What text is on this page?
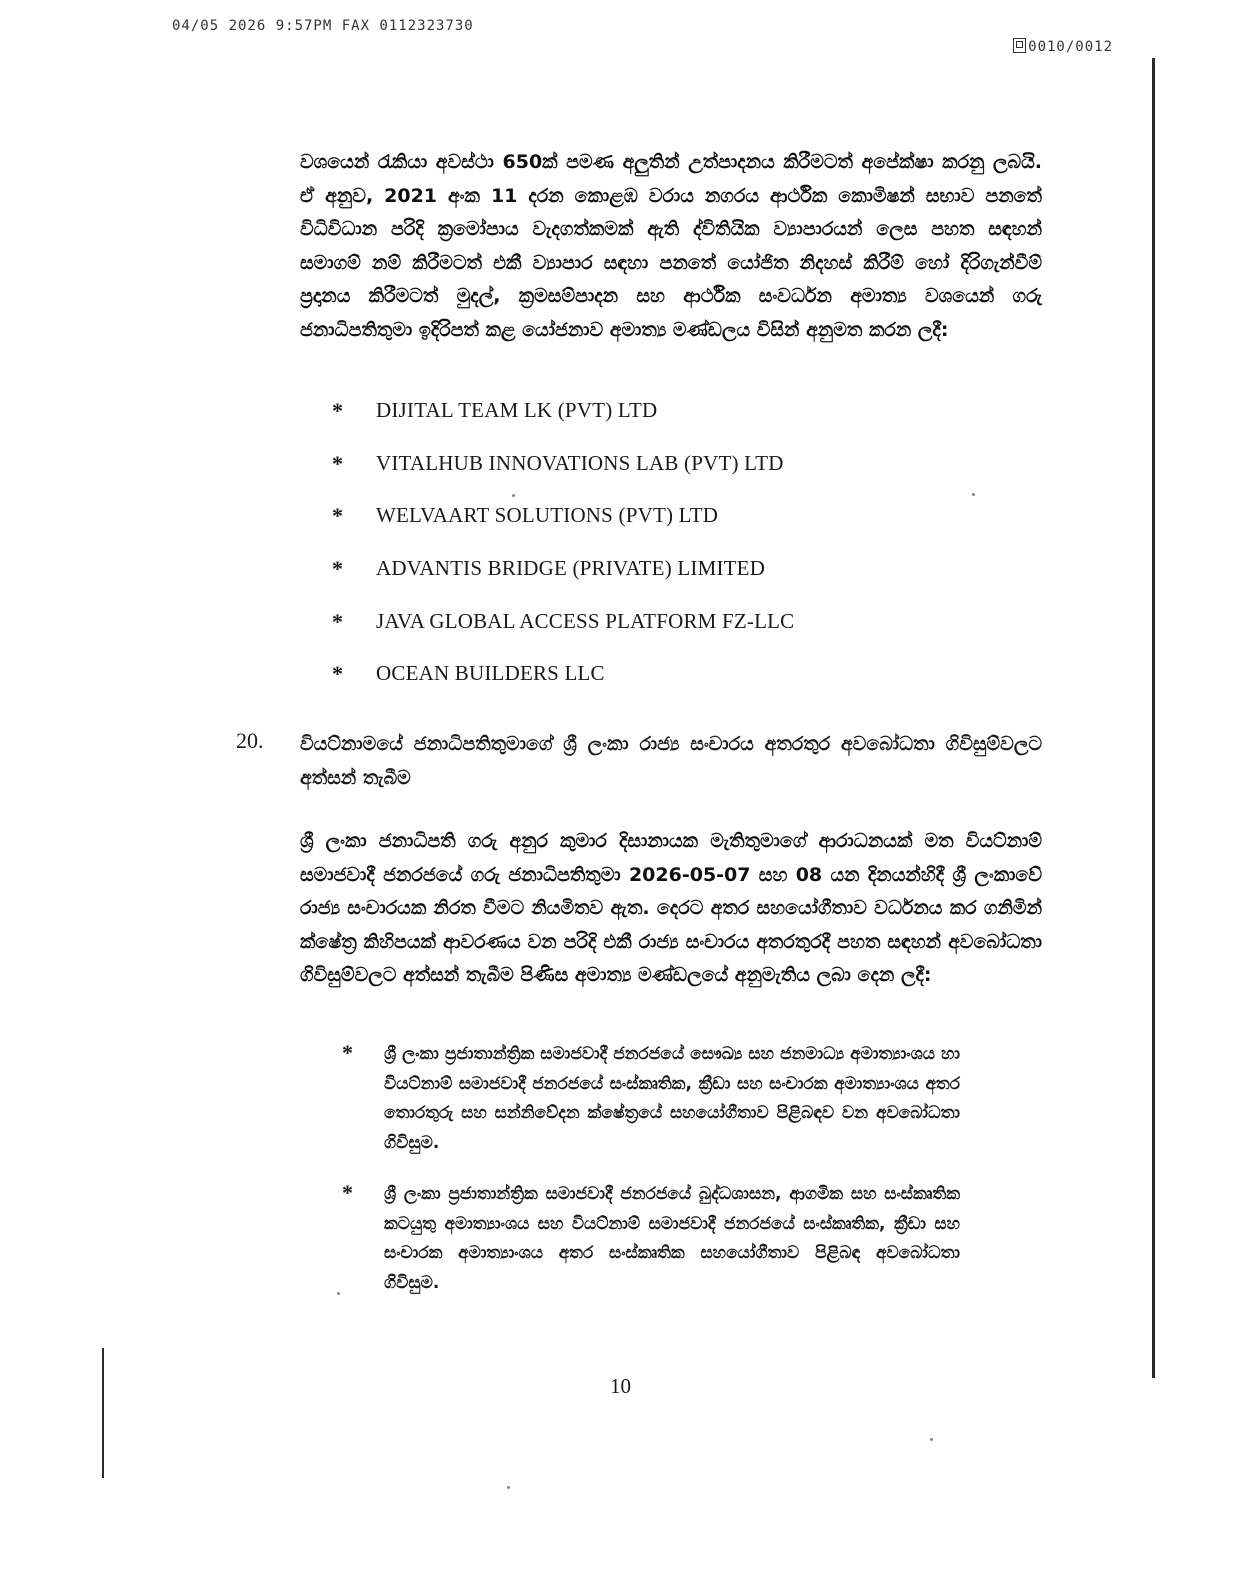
04/05 2026 9:57PM FAX 0112323730
0010/0012
වශයෙන් රැකියා අවස්ථා 650ක් පමණ අලුතින් උත්පාදනය කිරීමටත් අපේක්ෂා කරනු ලබයි. ඒ අනුව, 2021 අංක 11 දරන කොළඹ වරාය නගරය ආර්ථික කොමිෂන් සභාව පනතේ විධිවිධාන පරිදි ක්‍රමෝපාය වැදගත්කමක් ඇති ද්විතියික ව්‍යාපාරයන් ලෙස පහත සඳහන් සමාගම් නම් කිරීමටත් එකී ව්‍යාපාර සඳහා පනතේ යෝජිත නිදහස් කිරීම් හෝ දිරිගැන්වීම් ප්‍රදානය කිරීමටත් මුදල්, ක්‍රමසම්පාදන සහ ආර්ථික සංවර්ධන අමාත්‍ය වශයෙන් ගරු ජනාධිපතිතුමා ඉදිරිපත් කළ යෝජනාව අමාත්‍ය මණ්ඩලය විසින් අනුමත කරන ලදී:
*	DIJITAL TEAM LK (PVT) LTD
*	VITALHUB INNOVATIONS LAB (PVT) LTD
*	WELVAART SOLUTIONS (PVT) LTD
*	ADVANTIS BRIDGE (PRIVATE) LIMITED
*	JAVA GLOBAL ACCESS PLATFORM FZ-LLC
*	OCEAN BUILDERS LLC
20. වියට්නාමයේ ජනාධිපතිතුමාගේ ශ්‍රී ලංකා රාජ්‍ය සංචාරය අතරතුර අවබෝධතා ගිවිසුම්වලට අත්සන් තැබීම
ශ්‍රී ලංකා ජනාධිපති ගරු අනුර කුමාර දිසානායක මැතිතුමාගේ ආරාධනයක් මත වියට්නාම් සමාජවාදී ජනරජයේ ගරු ජනාධිපතිතුමා 2026-05-07 සහ 08 යන දිනයන්හිදී ශ්‍රී ලංකාවේ රාජ්‍ය සංචාරයක නිරත වීමට නියමිතව ඇත. දෙරට අතර සහයෝගීතාව වර්ධනය කර ගනිමින් ක්ෂේත්‍ර කිහිපයක් ආවරණය වන පරිදි එකී රාජ්‍ය සංචාරය අතරතුරදී පහත සඳහන් අවබෝධතා ගිවිසුම්වලට අත්සන් තැබීම පිණිස අමාත්‍ය මණ්ඩලයේ අනුමැතිය ලබා දෙන ලදී:
*	ශ්‍රී ලංකා ප්‍රජාතාන්ත්‍රික සමාජවාදී ජනරජයේ සෞඛ්‍ය සහ ජනමාධ්‍ය අමාත්‍යාංශය හා වියට්නාම් සමාජවාදී ජනරජයේ සංස්කෘතික, ක්‍රීඩා සහ සංචාරක අමාත්‍යාංශය අතර තොරතුරු සහ සන්නිවේදන ක්ෂේත්‍රයේ සහයෝගීතාව පිළිබඳව වන අවබෝධතා ගිවිසුම.
*	ශ්‍රී ලංකා ප්‍රජාතාන්ත්‍රික සමාජවාදී ජනරජයේ බුද්ධශාසන, ආගමික සහ සංස්කෘතික කටයුතු අමාත්‍යාංශය සහ වියට්නාම් සමාජවාදී ජනරජයේ සංස්කෘතික, ක්‍රීඩා සහ සංචාරක අමාත්‍යාංශය අතර සංස්කෘතික සහයෝගීතාව පිළිබඳ අවබෝධතා ගිවිසුම.
10
